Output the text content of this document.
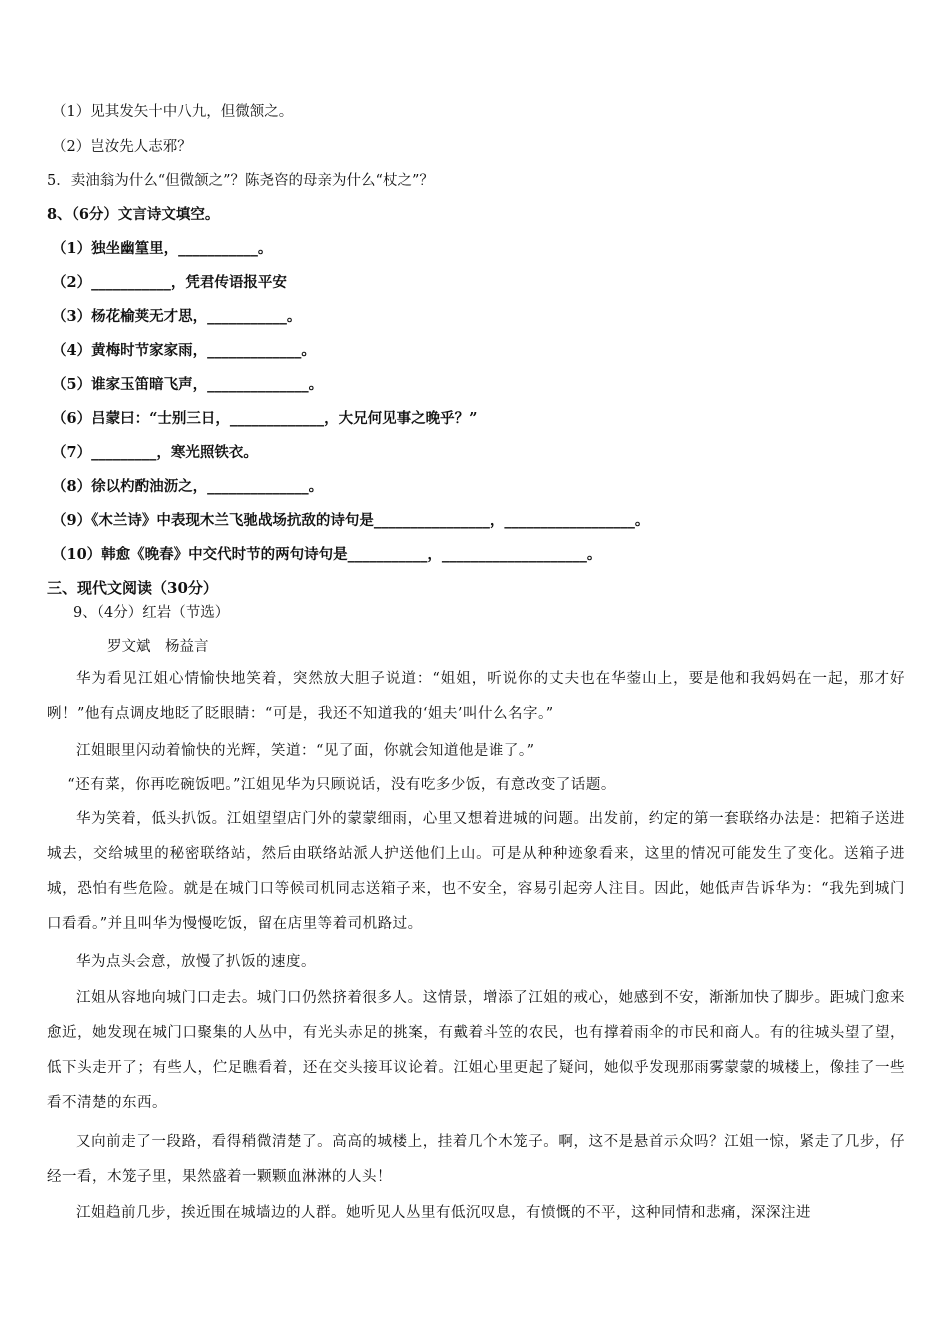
（1）见其发矢十中八九，但微颔之。
（2）岂汝先人志邪？
5．卖油翁为什么“但微颔之”？陈尧咨的母亲为什么“杖之”？
8、（6分）文言诗文填空。
（1）独坐幽篁里，___________。
（2）___________，凭君传语报平安
（3）杨花榆荚无才思，___________。
（4）黄梅时节家家雨，_____________。
（5）谁家玉笛暗飞声，______________。
（6）吕蒙曰：“士别三日，_____________，大兄何见事之晚乎？”
（7）_________，寒光照铁衣。
（8）徐以杓酌油沥之，______________。
（9）《木兰诗》中表现木兰飞驰战场抗敌的诗句是________________，__________________。
（10）韩愈《晚春》中交代时节的两句诗句是___________，____________________。
三、现代文阅读（30分）
9、（4分）红岩（节选）
罗文斌　杨益言
华为看见江姐心情愉快地笑着，突然放大胆子说道：“姐姐，听说你的丈夫也在华蓥山上，要是他和我妈妈在一起，那才好咧！”他有点调皮地眨了眨眼睛：“可是，我还不知道我的‘姐夫’叫什么名字。”
江姐眼里闪动着愉快的光辉，笑道：“见了面，你就会知道他是谁了。”
“还有菜，你再吃碗饭吧。”江姐见华为只顾说话，没有吃多少饭，有意改变了话题。
华为笑着，低头扒饭。江姐望望店门外的蒙蒙细雨，心里又想着进城的问题。出发前，约定的第一套联络办法是：把箱子送进城去，交给城里的秘密联络站，然后由联络站派人护送他们上山。可是从种种迹象看来，这里的情况可能发生了变化。送箱子进城，恐怕有些危险。就是在城门口等候司机同志送箱子来，也不安全，容易引起旁人注目。因此，她低声告诉华为：“我先到城门口看看。”并且叫华为慢慢吃饭，留在店里等着司机路过。
华为点头会意，放慢了扒饭的速度。
江姐从容地向城门口走去。城门口仍然挤着很多人。这情景，增添了江姐的戒心，她感到不安，渐渐加快了脚步。距城门愈来愈近，她发现在城门口聚集的人丛中，有光头赤足的挑案，有戴着斗笠的农民，也有撑着雨伞的市民和商人。有的往城头望了望，低下头走开了；有些人，伫足瞧看着，还在交头接耳议论着。江姐心里更起了疑问，她似乎发现那雨雾蒙蒙的城楼上，像挂了一些看不清楚的东西。
又向前走了一段路，看得稍微清楚了。高高的城楼上，挂着几个木笼子。啊，这不是悬首示众吗？江姐一惊，紧走了几步，仔经一看，木笼子里，果然盛着一颗颗血淋淋的人头！
江姐趋前几步，挨近围在城墙边的人群。她听见人丛里有低沉叹息，有愤慨的不平，这种同情和悲痛，深深注进
